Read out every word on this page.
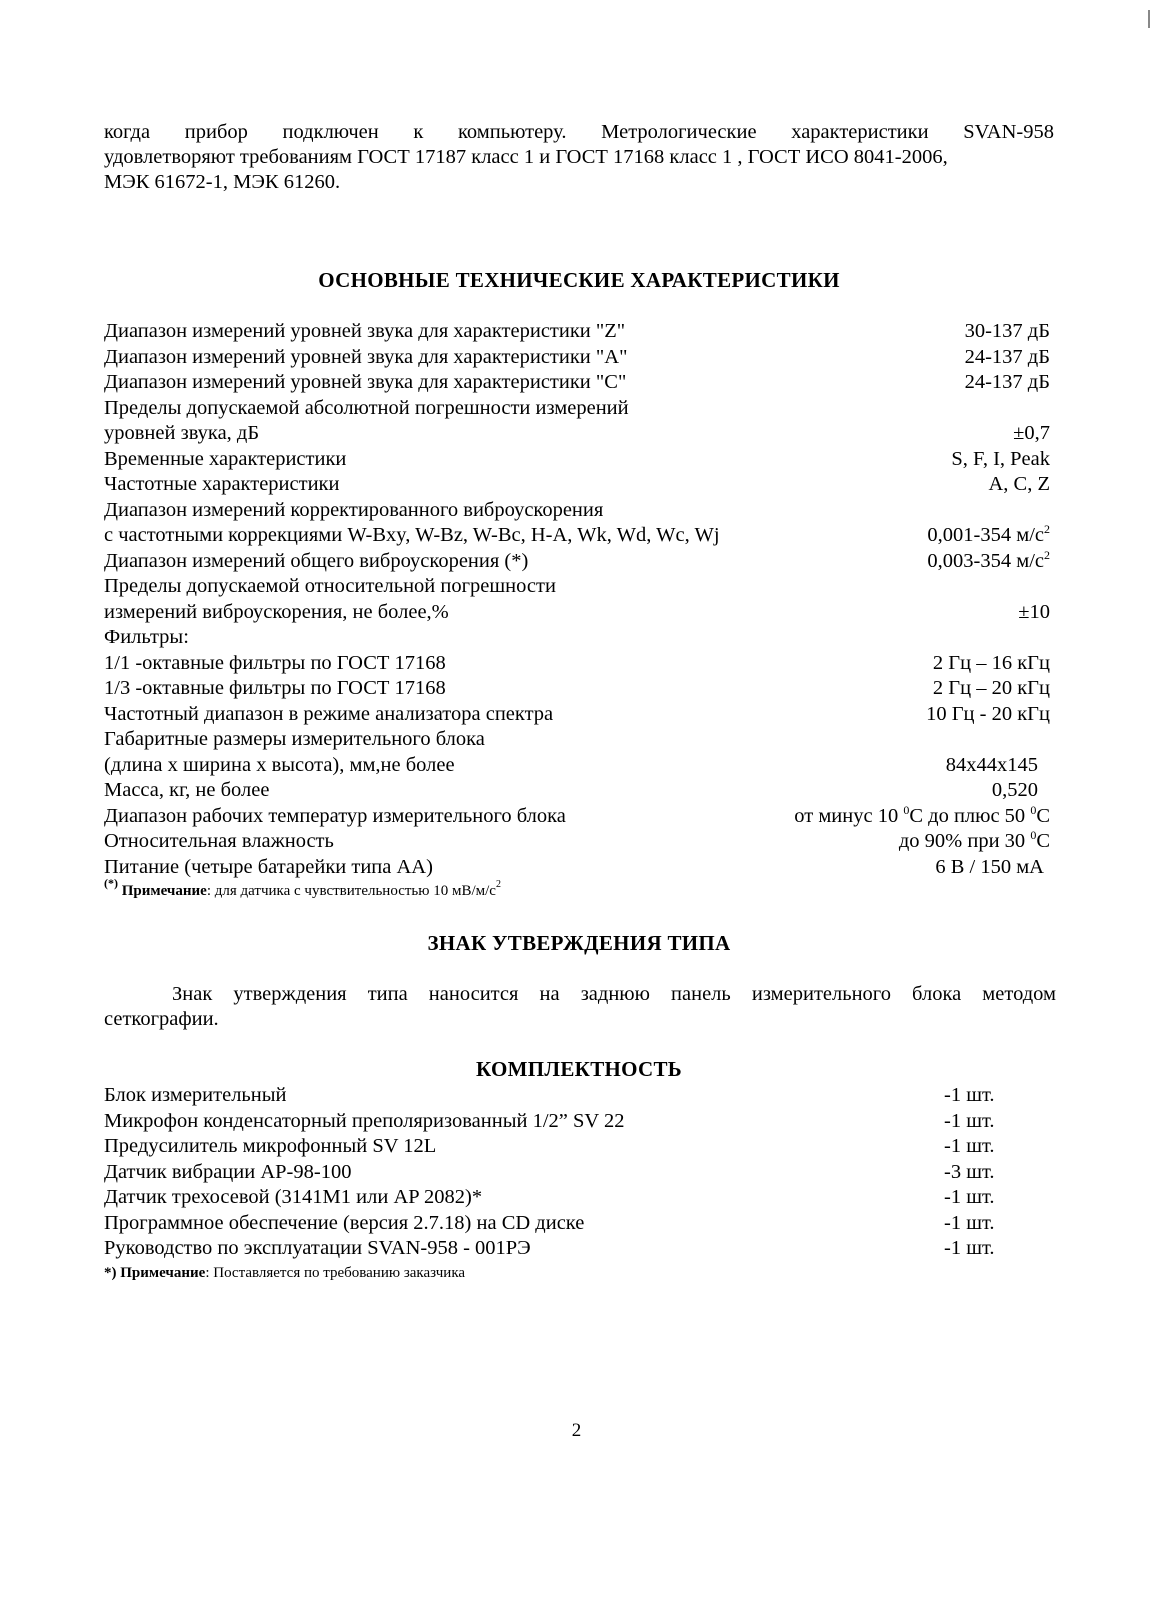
когда прибор подключен к компьютеру. Метрологические характеристики SVAN-958
удовлетворяют требованиям ГОСТ 17187 класс 1 и ГОСТ 17168 класс 1 , ГОСТ ИСО 8041-2006,
МЭК 61672-1, МЭК 61260.
ОСНОВНЫЕ ТЕХНИЧЕСКИЕ ХАРАКТЕРИСТИКИ
Диапазон измерений уровней звука для характеристики "Z"	30-137 дБ
Диапазон измерений уровней звука для характеристики "A"	24-137 дБ
Диапазон измерений уровней звука для характеристики "C"	24-137 дБ
Пределы допускаемой абсолютной погрешности измерений
уровней звука, дБ	±0,7
Временные характеристики	S, F, I, Peak
Частотные характеристики	A, C, Z
Диапазон измерений корректированного виброускорения
с частотными коррекциями W-Bxy, W-Bz, W-Bc, H-A, Wk, Wd, Wc, Wj	0,001-354 $м/с^2$
Диапазон измерений общего виброускорения (*)	0,003-354 $м/с^2$
Пределы допускаемой относительной погрешности
измерений виброускорения, не более,%	±10
Фильтры:
1/1 -октавные фильтры по ГОСТ 17168	2 Гц – 16 кГц
1/3 -октавные фильтры по ГОСТ 17168	2 Гц – 20 кГц
Частотный диапазон в режиме анализатора спектра	10 Гц - 20 кГц
Габаритные размеры измерительного блока
(длина х ширина х высота), мм,не более	84x44x145
Масса, кг, не более	0,520
Диапазон рабочих температур измерительного блока	от минус 10 $^0$С до плюс 50 $^0$С
Относительная влажность	до 90% при 30 $^0$С
Питание (четыре батарейки типа АА)	6 В / 150 мА
(*) Примечание: для датчика с чувствительностью 10 $мВ/м/с^2$
ЗНАК УТВЕРЖДЕНИЯ ТИПА
Знак утверждения типа наносится на заднюю панель измерительного блока методом
сеткографии.
КОМПЛЕКТНОСТЬ
Блок измерительный	-1 шт.
Микрофон конденсаторный преполяризованный 1/2” SV 22	-1 шт.
Предусилитель микрофонный SV 12L	-1 шт.
Датчик вибрации AP-98-100	-3 шт.
Датчик трехосевой (3141M1 или AP 2082)*	-1 шт.
Программное обеспечение (версия 2.7.18) на CD диске	-1 шт.
Руководство по эксплуатации SVAN-958 - 001РЭ	-1 шт.
*) Примечание: Поставляется по требованию заказчика
2
